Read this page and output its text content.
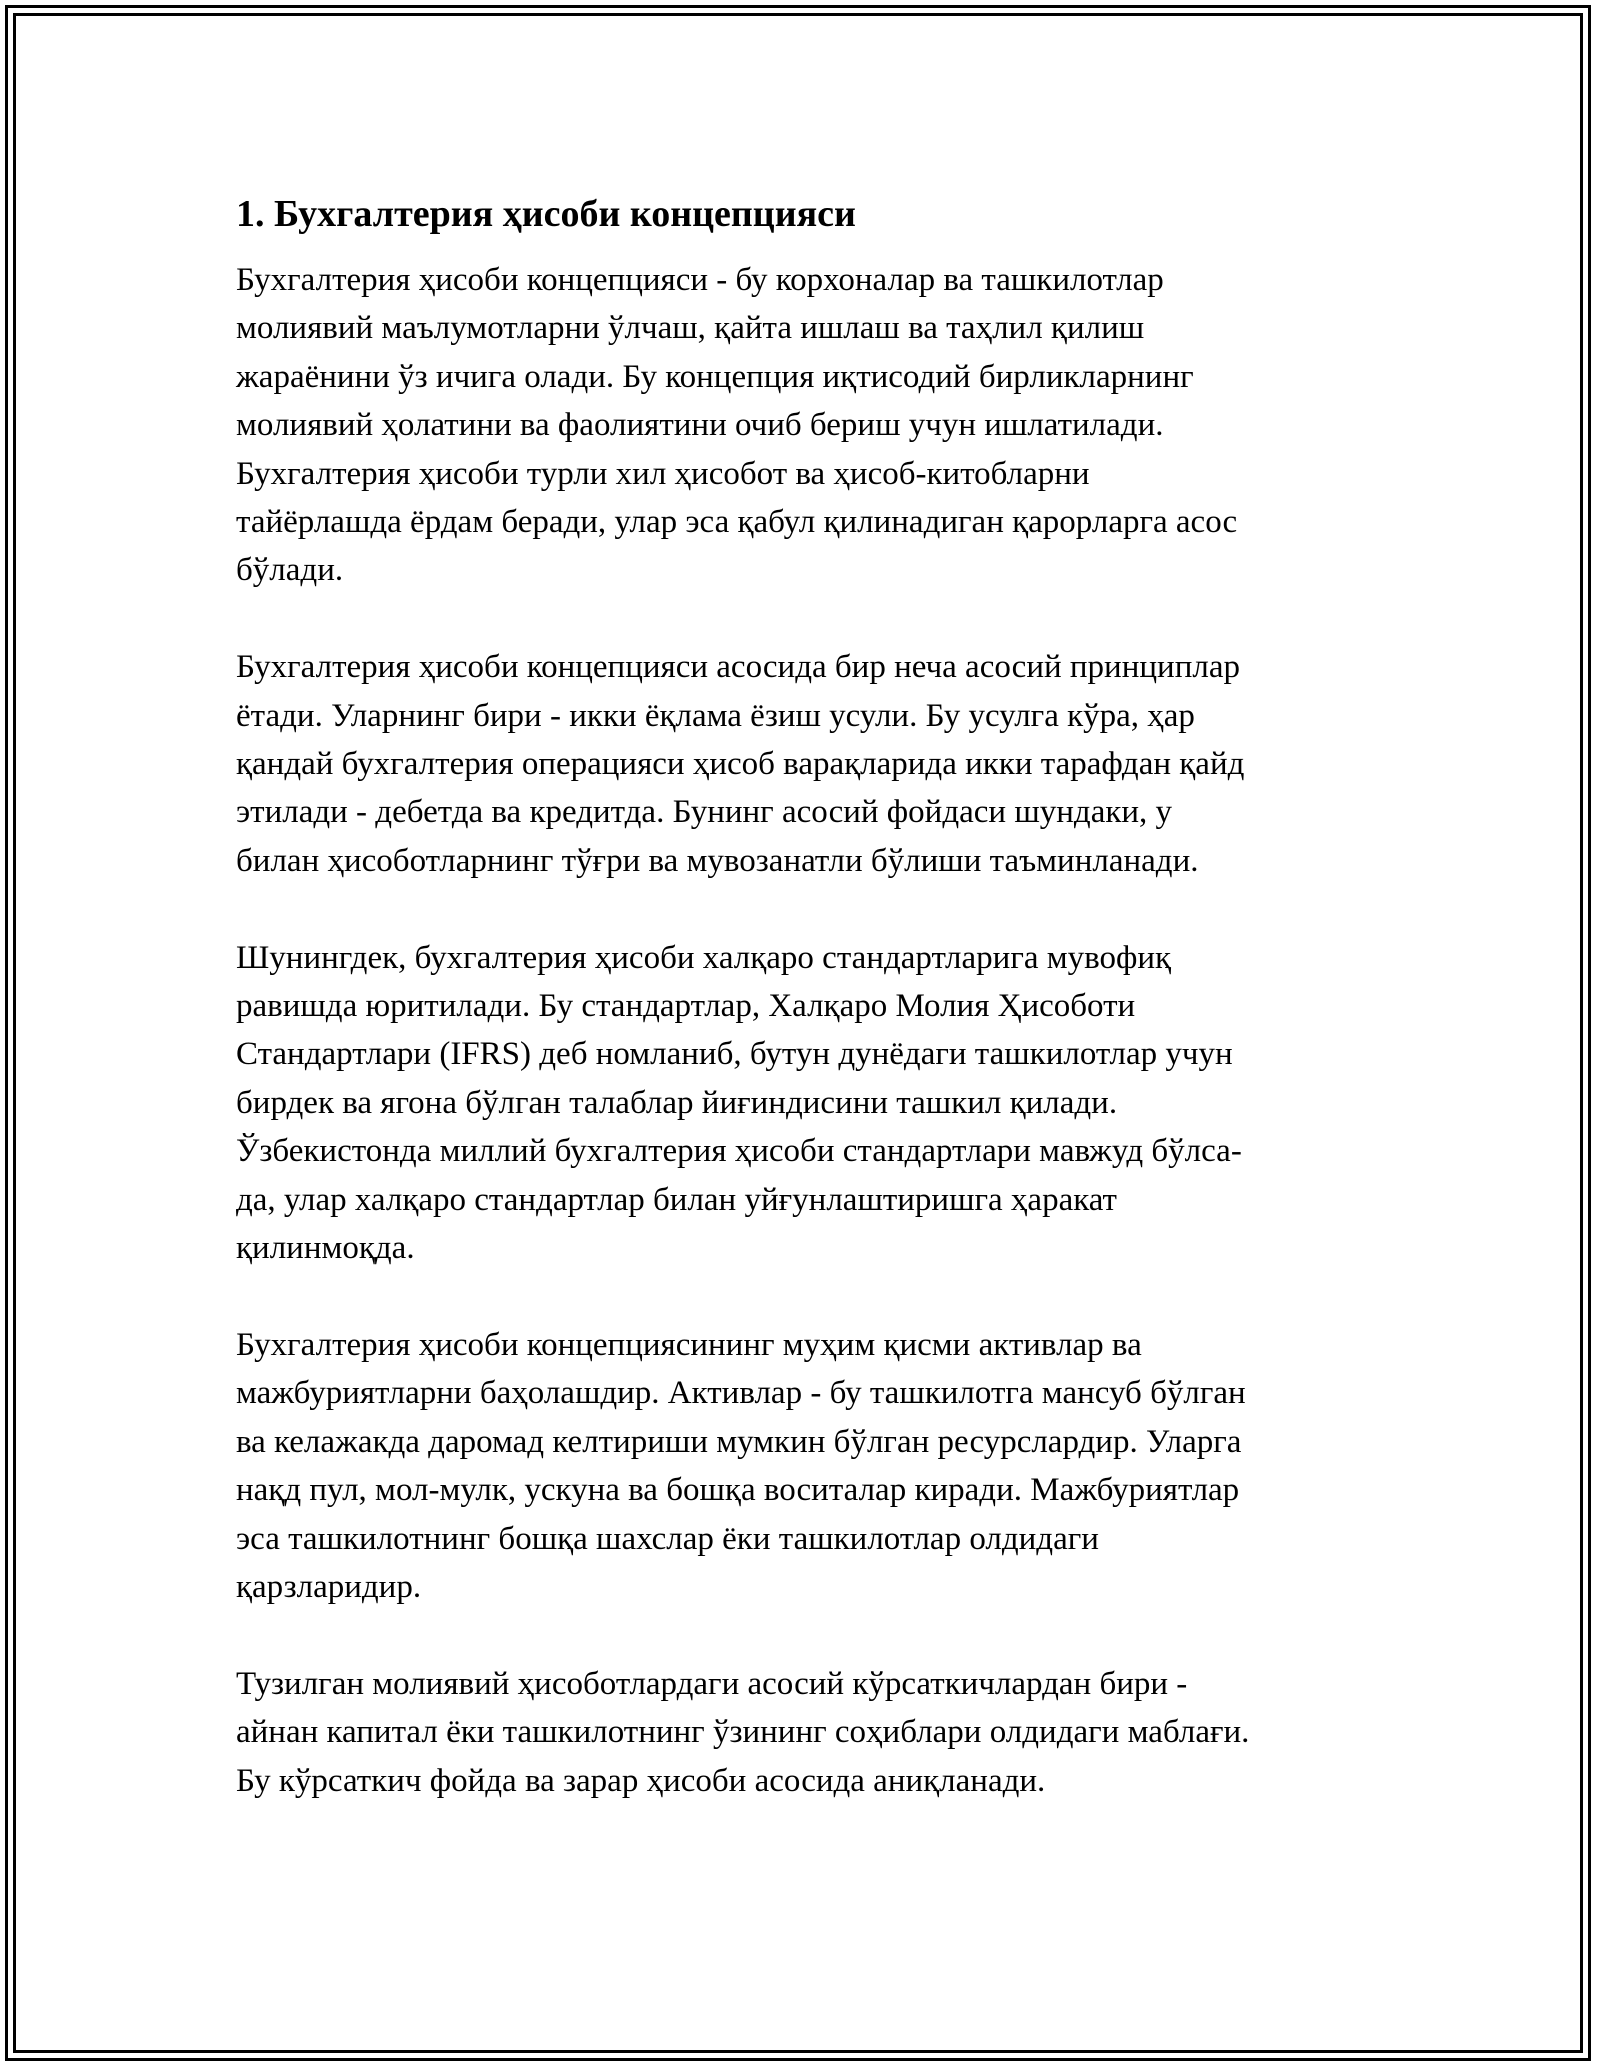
1. Бухгалтерия ҳисоби концепцияси

Бухгалтерия ҳисоби концепцияси - бу корхоналар ва ташкилотлар
молиявий маълумотларни ўлчаш, қайта ишлаш ва таҳлил қилиш
жараёнини ўз ичига олади. Бу концепция иқтисодий бирликларнинг
молиявий ҳолатини ва фаолиятини очиб бериш учун ишлатилади.
Бухгалтерия ҳисоби турли хил ҳисобот ва ҳисоб-китобларни
тайёрлашда ёрдам беради, улар эса қабул қилинадиган қарорларга асос
бўлади.

Бухгалтерия ҳисоби концепцияси асосида бир неча асосий принциплар
ётади. Уларнинг бири - икки ёқлама ёзиш усули. Бу усулга кўра, ҳар
қандай бухгалтерия операцияси ҳисоб варақларида икки тарафдан қайд
этилади - дебетда ва кредитда. Бунинг асосий фойдаси шундаки, у
билан ҳисоботларнинг тўғри ва мувозанатли бўлиши таъминланади.

Шунингдек, бухгалтерия ҳисоби халқаро стандартларига мувофиқ
равишда юритилади. Бу стандартлар, Халқаро Молия Ҳисоботи
Стандартлари (IFRS) деб номланиб, бутун дунёдаги ташкилотлар учун
бирдек ва ягона бўлган талаблар йиғиндисини ташкил қилади.
Ўзбекистонда миллий бухгалтерия ҳисоби стандартлари мавжуд бўлса-
да, улар халқаро стандартлар билан уйғунлаштиришга ҳаракат
қилинмоқда.

Бухгалтерия ҳисоби концепциясининг муҳим қисми активлар ва
мажбуриятларни баҳолашдир. Активлар - бу ташкилотга мансуб бўлган
ва келажакда даромад келтириши мумкин бўлган ресурслардир. Уларга
нақд пул, мол-мулк, ускуна ва бошқа воситалар киради. Мажбуриятлар
эса ташкилотнинг бошқа шахслар ёки ташкилотлар олдидаги
қарзларидир.

Тузилган молиявий ҳисоботлардаги асосий кўрсаткичлардан бири -
айнан капитал ёки ташкилотнинг ўзининг соҳиблари олдидаги маблағи.
Бу кўрсаткич фойда ва зарар ҳисоби асосида аниқланади.
